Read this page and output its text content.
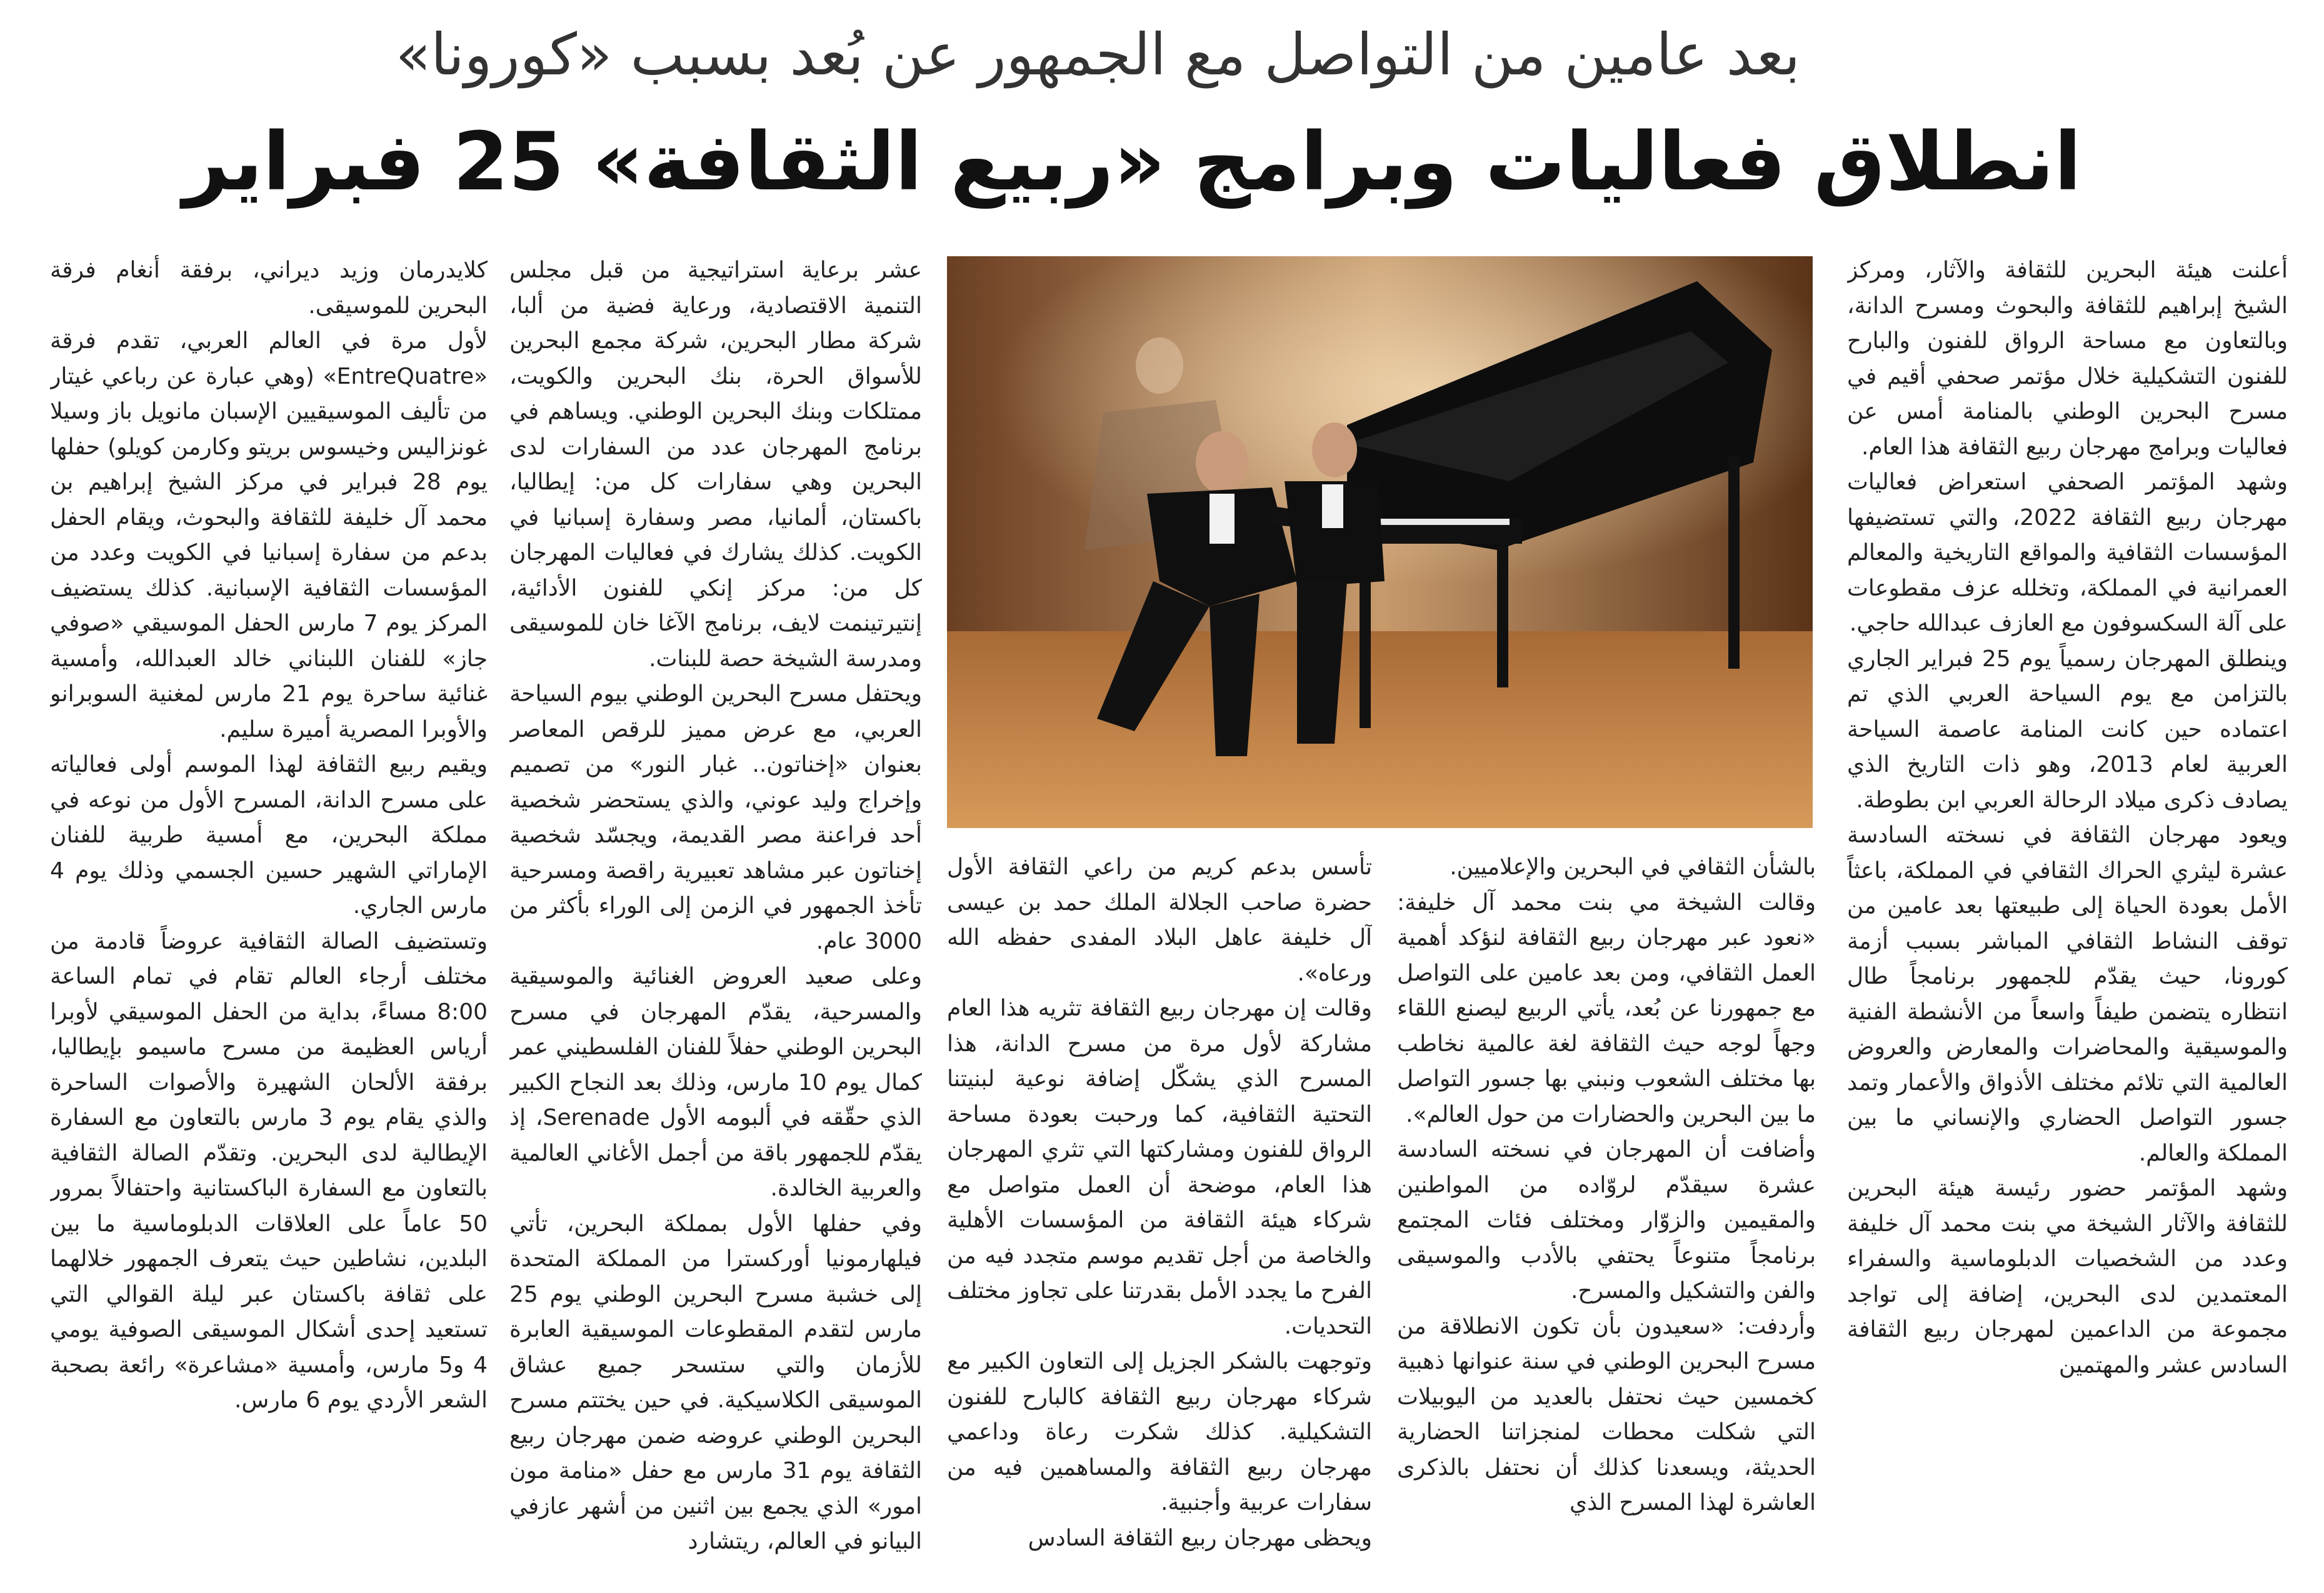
بعد عامين من التواصل مع الجمهور عن بُعد بسبب «كورونا»
انطلاق فعاليات وبرامج «ربيع الثقافة» 25 فبراير

أعلنت هيئة البحرين للثقافة والآثار، ومركز الشيخ إبراهيم للثقافة والبحوث ومسرح الدانة، وبالتعاون مع مساحة الرواق للفنون والبارح للفنون التشكيلية خلال مؤتمر صحفي أقيم في مسرح البحرين الوطني بالمنامة أمس عن فعاليات وبرامج مهرجان ربيع الثقافة هذا العام.

وشهد المؤتمر الصحفي استعراض فعاليات مهرجان ربيع الثقافة 2022، والتي تستضيفها المؤسسات الثقافية والمواقع التاريخية والمعالم العمرانية في المملكة، وتخلله عزف مقطوعات على آلة السكسوفون مع العازف عبدالله حاجي.

وينطلق المهرجان رسمياً يوم 25 فبراير الجاري بالتزامن مع يوم السياحة العربي الذي تم اعتماده حين كانت المنامة عاصمة السياحة العربية لعام 2013، وهو ذات التاريخ الذي يصادف ذكرى ميلاد الرحالة العربي ابن بطوطة.

ويعود مهرجان الثقافة في نسخته السادسة عشرة ليثري الحراك الثقافي في المملكة، باعثاً الأمل بعودة الحياة إلى طبيعتها بعد عامين من توقف النشاط الثقافي المباشر بسبب أزمة كورونا، حيث يقدّم للجمهور برنامجاً طال انتظاره يتضمن طيفاً واسعاً من الأنشطة الفنية والموسيقية والمحاضرات والمعارض والعروض العالمية التي تلائم مختلف الأذواق والأعمار وتمد جسور التواصل الحضاري والإنساني ما بين المملكة والعالم.

وشهد المؤتمر حضور رئيسة هيئة البحرين للثقافة والآثار الشيخة مي بنت محمد آل خليفة وعدد من الشخصيات الدبلوماسية والسفراء المعتمدين لدى البحرين، إضافة إلى تواجد مجموعة من الداعمين لمهرجان ربيع الثقافة السادس عشر والمهتمين

بالشأن الثقافي في البحرين والإعلاميين.

وقالت الشيخة مي بنت محمد آل خليفة: «نعود عبر مهرجان ربيع الثقافة لنؤكد أهمية العمل الثقافي، ومن بعد عامين على التواصل مع جمهورنا عن بُعد، يأتي الربيع ليصنع اللقاء وجهاً لوجه حيث الثقافة لغة عالمية نخاطب بها مختلف الشعوب ونبني بها جسور التواصل ما بين البحرين والحضارات من حول العالم».

وأضافت أن المهرجان في نسخته السادسة عشرة سيقدّم لروّاده من المواطنين والمقيمين والزوّار ومختلف فئات المجتمع برنامجاً متنوعاً يحتفي بالأدب والموسيقى والفن والتشكيل والمسرح.

وأردفت: «سعيدون بأن تكون الانطلاقة من مسرح البحرين الوطني في سنة عنوانها ذهبية كخمسين حيث نحتفل بالعديد من اليوبيلات التي شكلت محطات لمنجزاتنا الحضارية الحديثة، ويسعدنا كذلك أن نحتفل بالذكرى العاشرة لهذا المسرح الذي

تأسس بدعم كريم من راعي الثقافة الأول حضرة صاحب الجلالة الملك حمد بن عيسى آل خليفة عاهل البلاد المفدى حفظه الله ورعاه».

وقالت إن مهرجان ربيع الثقافة تثريه هذا العام مشاركة لأول مرة من مسرح الدانة، هذا المسرح الذي يشكّل إضافة نوعية لبنيتنا التحتية الثقافية، كما ورحبت بعودة مساحة الرواق للفنون ومشاركتها التي تثري المهرجان هذا العام، موضحة أن العمل متواصل مع شركاء هيئة الثقافة من المؤسسات الأهلية والخاصة من أجل تقديم موسم متجدد فيه من الفرح ما يجدد الأمل بقدرتنا على تجاوز مختلف التحديات.

وتوجهت بالشكر الجزيل إلى التعاون الكبير مع شركاء مهرجان ربيع الثقافة كالبارح للفنون التشكيلية. كذلك شكرت رعاة وداعمي مهرجان ربيع الثقافة والمساهمين فيه من سفارات عربية وأجنبية.

ويحظى مهرجان ربيع الثقافة السادس

عشر برعاية استراتيجية من قبل مجلس التنمية الاقتصادية، ورعاية فضية من ألبا، شركة مطار البحرين، شركة مجمع البحرين للأسواق الحرة، بنك البحرين والكويت، ممتلكات وبنك البحرين الوطني. ويساهم في برنامج المهرجان عدد من السفارات لدى البحرين وهي سفارات كل من: إيطاليا، باكستان، ألمانيا، مصر وسفارة إسبانيا في الكويت. كذلك يشارك في فعاليات المهرجان كل من: مركز إنكي للفنون الأدائية، إنتيرتينمت لايف، برنامج الآغا خان للموسيقى ومدرسة الشيخة حصة للبنات.

ويحتفل مسرح البحرين الوطني بيوم السياحة العربي، مع عرض مميز للرقص المعاصر بعنوان «إخناتون.. غبار النور» من تصميم وإخراج وليد عوني، والذي يستحضر شخصية أحد فراعنة مصر القديمة، ويجسّد شخصية إخناتون عبر مشاهد تعبيرية راقصة ومسرحية تأخذ الجمهور في الزمن إلى الوراء بأكثر من 3000 عام.

وعلى صعيد العروض الغنائية والموسيقية والمسرحية، يقدّم المهرجان في مسرح البحرين الوطني حفلاً للفنان الفلسطيني عمر كمال يوم 10 مارس، وذلك بعد النجاح الكبير الذي حقّقه في ألبومه الأول Serenade، إذ يقدّم للجمهور باقة من أجمل الأغاني العالمية والعربية الخالدة.

وفي حفلها الأول بمملكة البحرين، تأتي فيلهارمونيا أوركسترا من المملكة المتحدة إلى خشبة مسرح البحرين الوطني يوم 25 مارس لتقدم المقطوعات الموسيقية العابرة للأزمان والتي ستسحر جميع عشاق الموسيقى الكلاسيكية. في حين يختتم مسرح البحرين الوطني عروضه ضمن مهرجان ربيع الثقافة يوم 31 مارس مع حفل «منامة مون امور» الذي يجمع بين اثنين من أشهر عازفي البيانو في العالم، ريتشارد

كلايدرمان وزيد ديراني، برفقة أنغام فرقة البحرين للموسيقى.

لأول مرة في العالم العربي، تقدم فرقة «EntreQuatre» (وهي عبارة عن رباعي غيتار من تأليف الموسيقيين الإسبان مانويل باز وسيلا غونزاليس وخيسوس بريتو وكارمن كويلو) حفلها يوم 28 فبراير في مركز الشيخ إبراهيم بن محمد آل خليفة للثقافة والبحوث، ويقام الحفل بدعم من سفارة إسبانيا في الكويت وعدد من المؤسسات الثقافية الإسبانية. كذلك يستضيف المركز يوم 7 مارس الحفل الموسيقي «صوفي جاز» للفنان اللبناني خالد العبدالله، وأمسية غنائية ساحرة يوم 21 مارس لمغنية السوبرانو والأوبرا المصرية أميرة سليم.

ويقيم ربيع الثقافة لهذا الموسم أولى فعالياته على مسرح الدانة، المسرح الأول من نوعه في مملكة البحرين، مع أمسية طربية للفنان الإماراتي الشهير حسين الجسمي وذلك يوم 4 مارس الجاري.

وتستضيف الصالة الثقافية عروضاً قادمة من مختلف أرجاء العالم تقام في تمام الساعة 8:00 مساءً، بداية من الحفل الموسيقي لأوبرا أرياس العظيمة من مسرح ماسيمو بإيطاليا، برفقة الألحان الشهيرة والأصوات الساحرة والذي يقام يوم 3 مارس بالتعاون مع السفارة الإيطالية لدى البحرين. وتقدّم الصالة الثقافية بالتعاون مع السفارة الباكستانية واحتفالاً بمرور 50 عاماً على العلاقات الدبلوماسية ما بين البلدين، نشاطين حيث يتعرف الجمهور خلالهما على ثقافة باكستان عبر ليلة القوالي التي تستعيد إحدى أشكال الموسيقى الصوفية يومي 4 و5 مارس، وأمسية «مشاعرة» رائعة بصحبة الشعر الأردي يوم 6 مارس.
